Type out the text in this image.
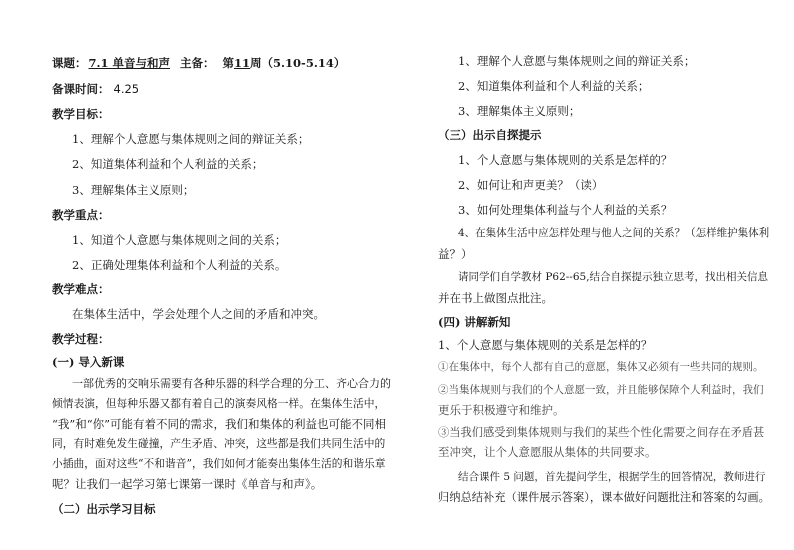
课题： 7.1 单音与和声 主备： 第11周（5.10-5.14）
备课时间： 4.25
教学目标：
1、理解个人意愿与集体规则之间的辩证关系；
2、知道集体利益和个人利益的关系；
3、理解集体主义原则；
教学重点：
1、知道个人意愿与集体规则之间的关系；
2、正确处理集体利益和个人利益的关系。
教学难点：
在集体生活中，学会处理个人之间的矛盾和冲突。
教学过程：
(一) 导入新课
一部优秀的交响乐需要有各种乐器的科学合理的分工、齐心合力的
倾情表演，但每种乐器又都有着自己的演奏风格一样。在集体生活中，
“我”和“你”可能有着不同的需求，我们和集体的利益也可能不同相
同，有时难免发生碰撞，产生矛盾、冲突，这些都是我们共同生活中的
小插曲，面对这些“不和谐音”，我们如何才能奏出集体生活的和谐乐章
呢？让我们一起学习第七课第一课时《单音与和声》。
（二）出示学习目标
1、理解个人意愿与集体规则之间的辩证关系；
2、知道集体利益和个人利益的关系；
3、理解集体主义原则；
（三）出示自探提示
1、个人意愿与集体规则的关系是怎样的？
2、如何让和声更美？（读）
3、如何处理集体利益与个人利益的关系？
4、在集体生活中应怎样处理与他人之间的关系？（怎样维护集体利
益？）
请同学们自学教材 P62--65,结合自探提示独立思考，找出相关信息
并在书上做图点批注。
(四) 讲解新知
1、个人意愿与集体规则的关系是怎样的？
①在集体中，每个人都有自己的意愿，集体又必须有一些共同的规则。
②当集体规则与我们的个人意愿一致，并且能够保障个人利益时，我们
更乐于积极遵守和维护。
③当我们感受到集体规则与我们的某些个性化需要之间存在矛盾甚
至冲突，让个人意愿服从集体的共同要求。
结合课件 5 问题，首先提问学生，根据学生的回答情况，教师进行
归纳总结补充（课件展示答案），课本做好问题批注和答案的勾画。
